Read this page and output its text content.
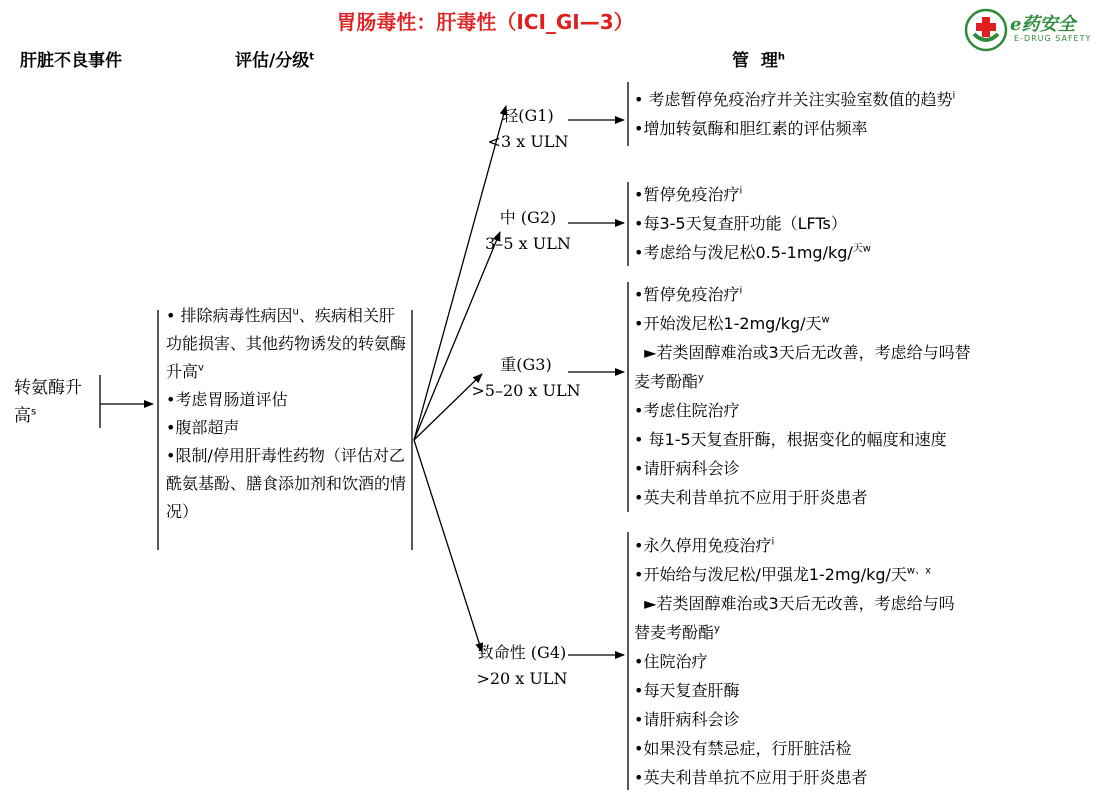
胃肠毒性：肝毒性（ICI_GI—3）	e药安全
E-DRUG SAFETY
肝脏不良事件	评估/分级$^t$	管  理$^h$
转氨酶升高$^s$
• 排除病毒性病因$^u$、疾病相关肝功能损害、其他药物诱发的转氨酶升高$^v$
•考虑胃肠道评估
•腹部超声
•限制/停用肝毒性药物（评估对乙 酰氨基酚、膳食添加剂和饮酒的情况）
轻(G1)
<3 x ULN
中 (G2)
3–5 x ULN
重(G3)
>5–20 x ULN
致命性 (G4)
>20 x ULN
• 考虑暂停免疫治疗并关注实验室数值的趋势$^i$
•增加转氨酶和胆红素的评估频率
•暂停免疫治疗$^i$
•每3-5天复查肝功能（LFTs）
•考虑给与泼尼松0.5-1mg/kg/$^{天w}$
•暂停免疫治疗$^i$
•开始泼尼松1-2mg/kg/天$^w$
►若类固醇难治或3天后无改善，考虑给与吗替
麦考酚酯$^y$
•考虑住院治疗
• 每1-5天复查肝酶，根据变化的幅度和速度
•请肝病科会诊
•英夫利昔单抗不应用于肝炎患者
•永久停用免疫治疗$^i$
•开始给与泼尼松/甲强龙1-2mg/kg/天$^{w、x}$
►若类固醇难治或3天后无改善，考虑给与吗
替麦考酚酯$^y$
•住院治疗
•每天复查肝酶
•请肝病科会诊
•如果没有禁忌症，行肝脏活检
•英夫利昔单抗不应用于肝炎患者
